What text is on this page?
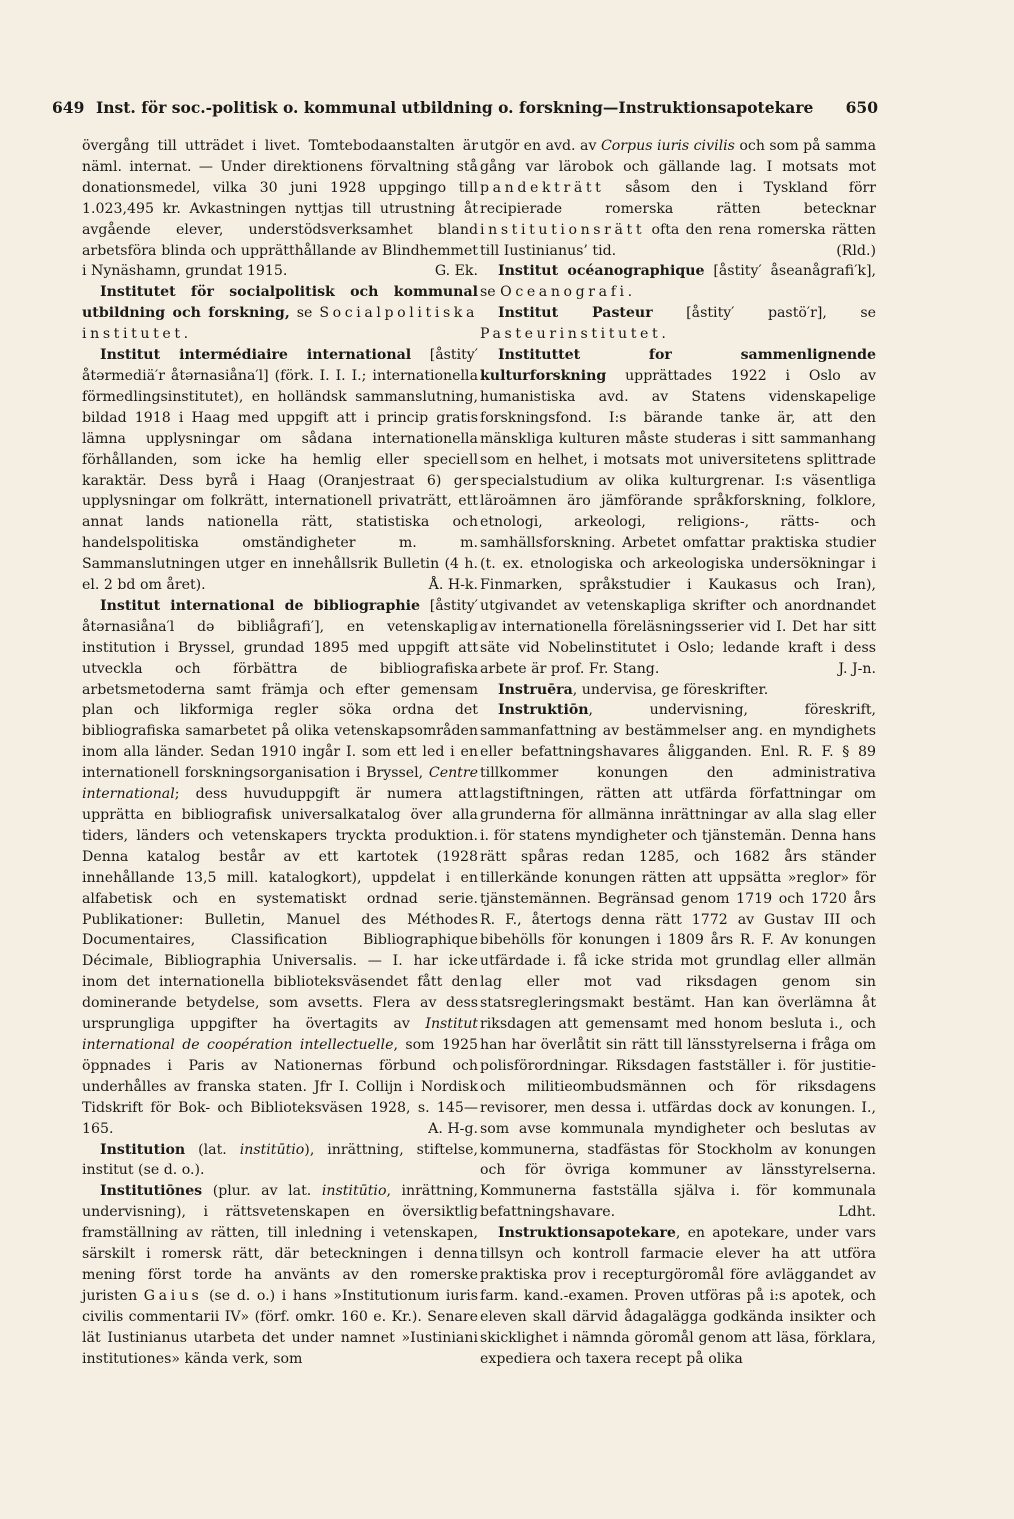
649 Inst. för soc.-politisk o. kommunal utbildning o. forskning—Instruktionsapotekare	650

övergång till utträdet i livet. Tomtebodaanstalten är näml. internat. — Under direktionens förvaltning stå donationsmedel, vilka 30 juni 1928 uppgingo till 1.023,495 kr. Avkastningen nyttjas till utrustning åt avgående elever, understödsverksamhet bland arbetsföra blinda och upprätthållande av Blindhemmet i Nynäshamn, grundat 1915.	G. Ek.

Institutet för socialpolitisk och kommunal utbildning och forskning, se Socialpolitiska institutet.

Institut intermédiaire international [åstity′ åtərmediä′r åtərnasiåna′l] (förk. I. I. I.; internationella förmedlingsinstitutet), en holländsk sammanslutning, bildad 1918 i Haag med uppgift att i princip gratis lämna upplysningar om sådana internationella förhållanden, som icke ha hemlig eller speciell karaktär. Dess byrå i Haag (Oranjestraat 6) ger upplysningar om folkrätt, internationell privaträtt, ett annat lands nationella rätt, statistiska och handelspolitiska omständigheter m. m. Sammanslutningen utger en innehållsrik Bulletin (4 h. el. 2 bd om året).	Å. H-k.

Institut international de bibliographie [åstity′ åtərnasiåna′l də bibliågrafi′], en vetenskaplig institution i Bryssel, grundad 1895 med uppgift att utveckla och förbättra de bibliografiska arbetsmetoderna samt främja och efter gemensam plan och likformiga regler söka ordna det bibliografiska samarbetet på olika vetenskapsområden inom alla länder. Sedan 1910 ingår I. som ett led i en internationell forskningsorganisation i Bryssel, Centre international; dess huvuduppgift är numera att upprätta en bibliografisk universalkatalog över alla tiders, länders och vetenskapers tryckta produktion. Denna katalog består av ett kartotek (1928 innehållande 13,5 mill. katalogkort), uppdelat i en alfabetisk och en systematiskt ordnad serie. Publikationer: Bulletin, Manuel des Méthodes Documentaires, Classification Bibliographique Décimale, Bibliographia Universalis. — I. har icke inom det internationella biblioteksväsendet fått den dominerande betydelse, som avsetts. Flera av dess ursprungliga uppgifter ha övertagits av Institut international de coopération intellectuelle, som 1925 öppnades i Paris av Nationernas förbund och underhålles av franska staten. Jfr I. Collijn i Nordisk Tidskrift för Bok- och Biblioteksväsen 1928, s. 145—165.	A. H-g.

Institution (lat. institūtio), inrättning, stiftelse, institut (se d. o.).

Institutiōnes (plur. av lat. institūtio, inrättning, undervisning), i rättsvetenskapen en översiktlig framställning av rätten, till inledning i vetenskapen, särskilt i romersk rätt, där beteckningen i denna mening först torde ha använts av den romerske juristen Gaius (se d. o.) i hans »Institutionum iuris civilis commentarii IV» (förf. omkr. 160 e. Kr.). Senare lät Iustinianus utarbeta det under namnet »Iustiniani institutiones» kända verk, som

utgör en avd. av Corpus iuris civilis och som på samma gång var lärobok och gällande lag. I motsats mot pandekträtt såsom den i Tyskland förr recipierade romerska rätten betecknar institutionsrätt ofta den rena romerska rätten till Iustinianus’ tid.	(Rld.)

Institut océanographique [åstity′ åseanågrafi′k], se Oceanografi.

Institut Pasteur [åstity′ pastö′r], se Pasteurinstitutet.

Instituttet for sammenlignende kulturforskning upprättades 1922 i Oslo av humanistiska avd. av Statens videnskapelige forskningsfond. I:s bärande tanke är, att den mänskliga kulturen måste studeras i sitt sammanhang som en helhet, i motsats mot universitetens splittrade specialstudium av olika kulturgrenar. I:s väsentliga läroämnen äro jämförande språkforskning, folklore, etnologi, arkeologi, religions-, rätts- och samhällsforskning. Arbetet omfattar praktiska studier (t. ex. etnologiska och arkeologiska undersökningar i Finmarken, språkstudier i Kaukasus och Iran), utgivandet av vetenskapliga skrifter och anordnandet av internationella föreläsningsserier vid I. Det har sitt säte vid Nobelinstitutet i Oslo; ledande kraft i dess arbete är prof. Fr. Stang.	J. J-n.

Instruēra, undervisa, ge föreskrifter.

Instruktiōn, undervisning, föreskrift, sammanfattning av bestämmelser ang. en myndighets eller befattningshavares åligganden. Enl. R. F. § 89 tillkommer konungen den administrativa lagstiftningen, rätten att utfärda författningar om grunderna för allmänna inrättningar av alla slag eller i. för statens myndigheter och tjänstemän. Denna hans rätt spåras redan 1285, och 1682 års ständer tillerkände konungen rätten att uppsätta »reglor» för tjänstemännen. Begränsad genom 1719 och 1720 års R. F., återtogs denna rätt 1772 av Gustav III och bibehölls för konungen i 1809 års R. F. Av konungen utfärdade i. få icke strida mot grundlag eller allmän lag eller mot vad riksdagen genom sin statsregleringsmakt bestämt. Han kan överlämna åt riksdagen att gemensamt med honom besluta i., och han har överlåtit sin rätt till länsstyrelserna i fråga om polisförordningar. Riksdagen fastställer i. för justitie- och militieombudsmännen och för riksdagens revisorer, men dessa i. utfärdas dock av konungen. I., som avse kommunala myndigheter och beslutas av kommunerna, stadfästas för Stockholm av konungen och för övriga kommuner av länsstyrelserna. Kommunerna fastställa själva i. för kommunala befattningshavare.	Ldht.

Instruktionsapotekare, en apotekare, under vars tillsyn och kontroll farmacie elever ha att utföra praktiska prov i recepturgöromål före avläggandet av farm. kand.-examen. Proven utföras på i:s apotek, och eleven skall därvid ådagalägga godkända insikter och skicklighet i nämnda göromål genom att läsa, förklara, expediera och taxera recept på olika
